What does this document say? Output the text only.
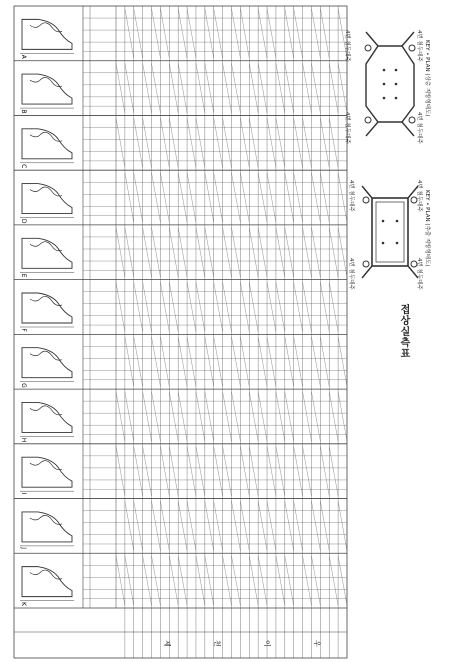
A
B
C
D
E
F
G
H
I
J
K
제	천	이	우
KEY • PLAN (추출 지방형태도)
KEY • PLAN (상층 지방형태도)
4번 첨두대주
4번 첨두대주
4번 첨두대주
4번 첨두대주
4번 첨두대주
4번 첨두대주
4번 첨두대주
4번 첨두대주
접상실측표
